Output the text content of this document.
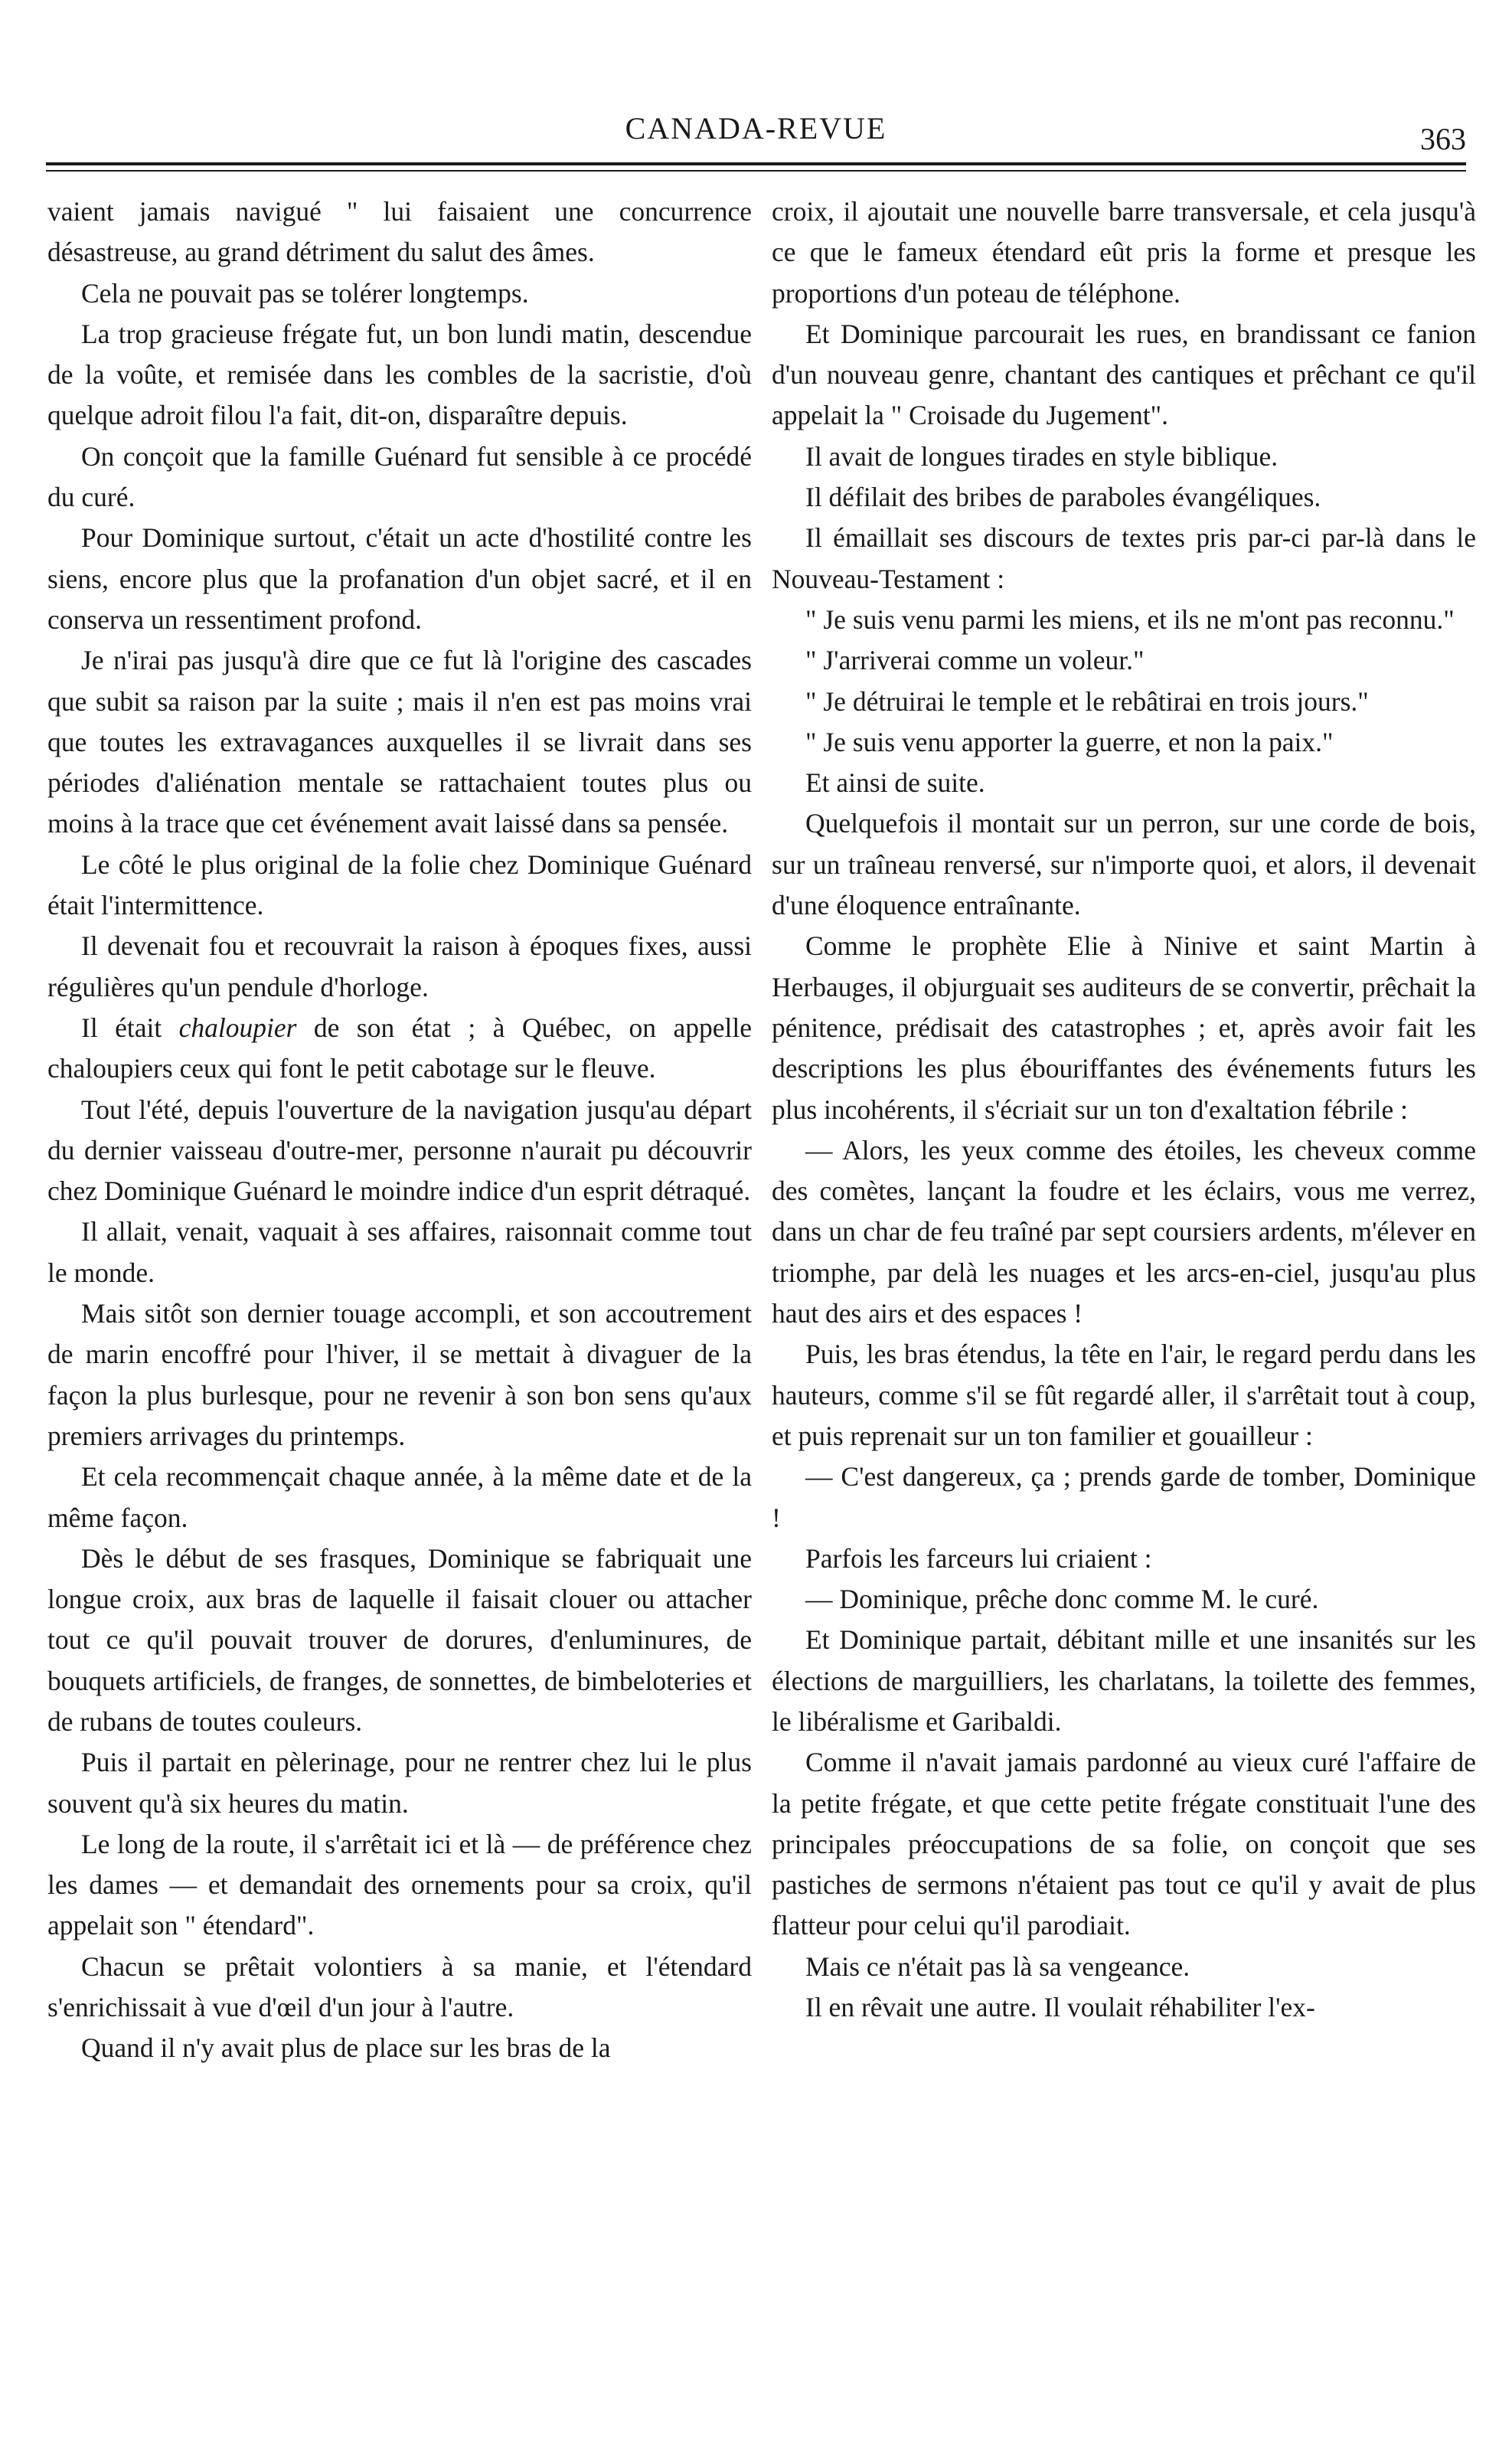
CANADA-REVUE	363

vaient jamais navigué " lui faisaient une concurrence désastreuse, au grand détriment du salut des âmes.

Cela ne pouvait pas se tolérer longtemps.

La trop gracieuse frégate fut, un bon lundi matin, descendue de la voûte, et remisée dans les combles de la sacristie, d'où quelque adroit filou l'a fait, dit-on, disparaître depuis.

On conçoit que la famille Guénard fut sensible à ce procédé du curé.

Pour Dominique surtout, c'était un acte d'hostilité contre les siens, encore plus que la profanation d'un objet sacré, et il en conserva un ressentiment profond.

Je n'irai pas jusqu'à dire que ce fut là l'origine des cascades que subit sa raison par la suite ; mais il n'en est pas moins vrai que toutes les extravagances auxquelles il se livrait dans ses périodes d'aliénation mentale se rattachaient toutes plus ou moins à la trace que cet événement avait laissé dans sa pensée.

Le côté le plus original de la folie chez Dominique Guénard était l'intermittence.

Il devenait fou et recouvrait la raison à époques fixes, aussi régulières qu'un pendule d'horloge.

Il était chaloupier de son état ; à Québec, on appelle chaloupiers ceux qui font le petit cabotage sur le fleuve.

Tout l'été, depuis l'ouverture de la navigation jusqu'au départ du dernier vaisseau d'outre-mer, personne n'aurait pu découvrir chez Dominique Guénard le moindre indice d'un esprit détraqué.

Il allait, venait, vaquait à ses affaires, raisonnait comme tout le monde.

Mais sitôt son dernier touage accompli, et son accoutrement de marin encoffré pour l'hiver, il se mettait à divaguer de la façon la plus burlesque, pour ne revenir à son bon sens qu'aux premiers arrivages du printemps.

Et cela recommençait chaque année, à la même date et de la même façon.

Dès le début de ses frasques, Dominique se fabriquait une longue croix, aux bras de laquelle il faisait clouer ou attacher tout ce qu'il pouvait trouver de dorures, d'enluminures, de bouquets artificiels, de franges, de sonnettes, de bimbeloteries et de rubans de toutes couleurs.

Puis il partait en pèlerinage, pour ne rentrer chez lui le plus souvent qu'à six heures du matin.

Le long de la route, il s'arrêtait ici et là — de préférence chez les dames — et demandait des ornements pour sa croix, qu'il appelait son " étendard".

Chacun se prêtait volontiers à sa manie, et l'étendard s'enrichissait à vue d'œil d'un jour à l'autre.

Quand il n'y avait plus de place sur les bras de la

croix, il ajoutait une nouvelle barre transversale, et cela jusqu'à ce que le fameux étendard eût pris la forme et presque les proportions d'un poteau de téléphone.

Et Dominique parcourait les rues, en brandissant ce fanion d'un nouveau genre, chantant des cantiques et prêchant ce qu'il appelait la " Croisade du Jugement".

Il avait de longues tirades en style biblique.

Il défilait des bribes de paraboles évangéliques.

Il émaillait ses discours de textes pris par-ci par-là dans le Nouveau-Testament :

" Je suis venu parmi les miens, et ils ne m'ont pas reconnu."

" J'arriverai comme un voleur."

" Je détruirai le temple et le rebâtirai en trois jours."

" Je suis venu apporter la guerre, et non la paix."

Et ainsi de suite.

Quelquefois il montait sur un perron, sur une corde de bois, sur un traîneau renversé, sur n'importe quoi, et alors, il devenait d'une éloquence entraînante.

Comme le prophète Elie à Ninive et saint Martin à Herbauges, il objurguait ses auditeurs de se convertir, prêchait la pénitence, prédisait des catastrophes ; et, après avoir fait les descriptions les plus ébouriffantes des événements futurs les plus incohérents, il s'écriait sur un ton d'exaltation fébrile :

— Alors, les yeux comme des étoiles, les cheveux comme des comètes, lançant la foudre et les éclairs, vous me verrez, dans un char de feu traîné par sept coursiers ardents, m'élever en triomphe, par delà les nuages et les arcs-en-ciel, jusqu'au plus haut des airs et des espaces !

Puis, les bras étendus, la tête en l'air, le regard perdu dans les hauteurs, comme s'il se fût regardé aller, il s'arrêtait tout à coup, et puis reprenait sur un ton familier et gouailleur :

— C'est dangereux, ça ; prends garde de tomber, Dominique !

Parfois les farceurs lui criaient :

— Dominique, prêche donc comme M. le curé.

Et Dominique partait, débitant mille et une insanités sur les élections de marguilliers, les charlatans, la toilette des femmes, le libéralisme et Garibaldi.

Comme il n'avait jamais pardonné au vieux curé l'affaire de la petite frégate, et que cette petite frégate constituait l'une des principales préoccupations de sa folie, on conçoit que ses pastiches de sermons n'étaient pas tout ce qu'il y avait de plus flatteur pour celui qu'il parodiait.

Mais ce n'était pas là sa vengeance.

Il en rêvait une autre. Il voulait réhabiliter l'ex-
